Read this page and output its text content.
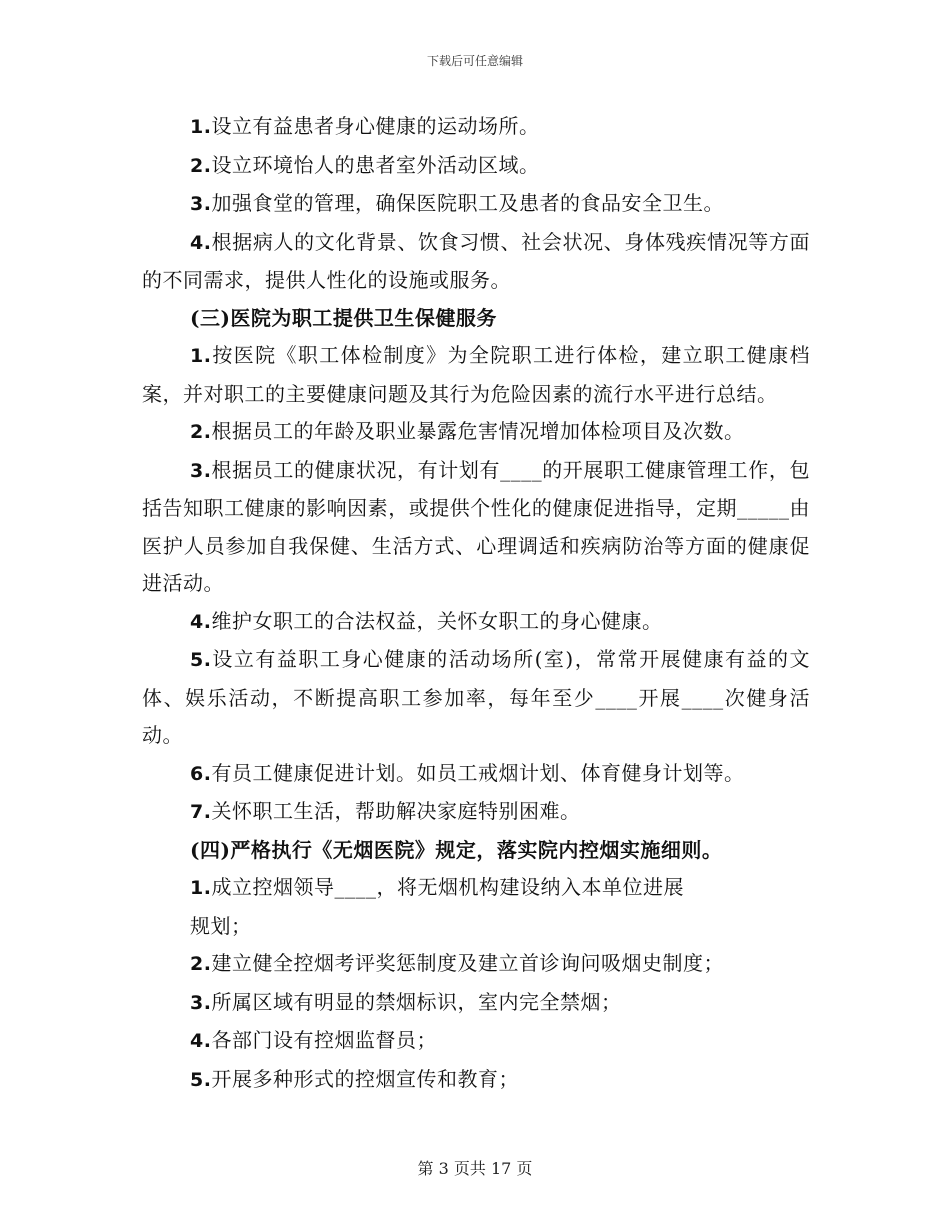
下载后可任意编辑

1.设立有益患者身心健康的运动场所。

2.设立环境怡人的患者室外活动区域。

3.加强食堂的管理，确保医院职工及患者的食品安全卫生。

4.根据病人的文化背景、饮食习惯、社会状况、身体残疾情况等方面的不同需求，提供人性化的设施或服务。

(三)医院为职工提供卫生保健服务

1.按医院《职工体检制度》为全院职工进行体检，建立职工健康档案，并对职工的主要健康问题及其行为危险因素的流行水平进行总结。

2.根据员工的年龄及职业暴露危害情况增加体检项目及次数。

3.根据员工的健康状况，有计划有____的开展职工健康管理工作，包括告知职工健康的影响因素，或提供个性化的健康促进指导，定期_____由医护人员参加自我保健、生活方式、心理调适和疾病防治等方面的健康促进活动。

4.维护女职工的合法权益，关怀女职工的身心健康。

5.设立有益职工身心健康的活动场所(室)，常常开展健康有益的文体、娱乐活动，不断提高职工参加率，每年至少____开展____次健身活动。

6.有员工健康促进计划。如员工戒烟计划、体育健身计划等。

7.关怀职工生活，帮助解决家庭特别困难。

(四)严格执行《无烟医院》规定，落实院内控烟实施细则。

1.成立控烟领导____，将无烟机构建设纳入本单位进展

规划；

2.建立健全控烟考评奖惩制度及建立首诊询问吸烟史制度；

3.所属区域有明显的禁烟标识，室内完全禁烟；

4.各部门设有控烟监督员；

5.开展多种形式的控烟宣传和教育；

第 3 页共 17 页
